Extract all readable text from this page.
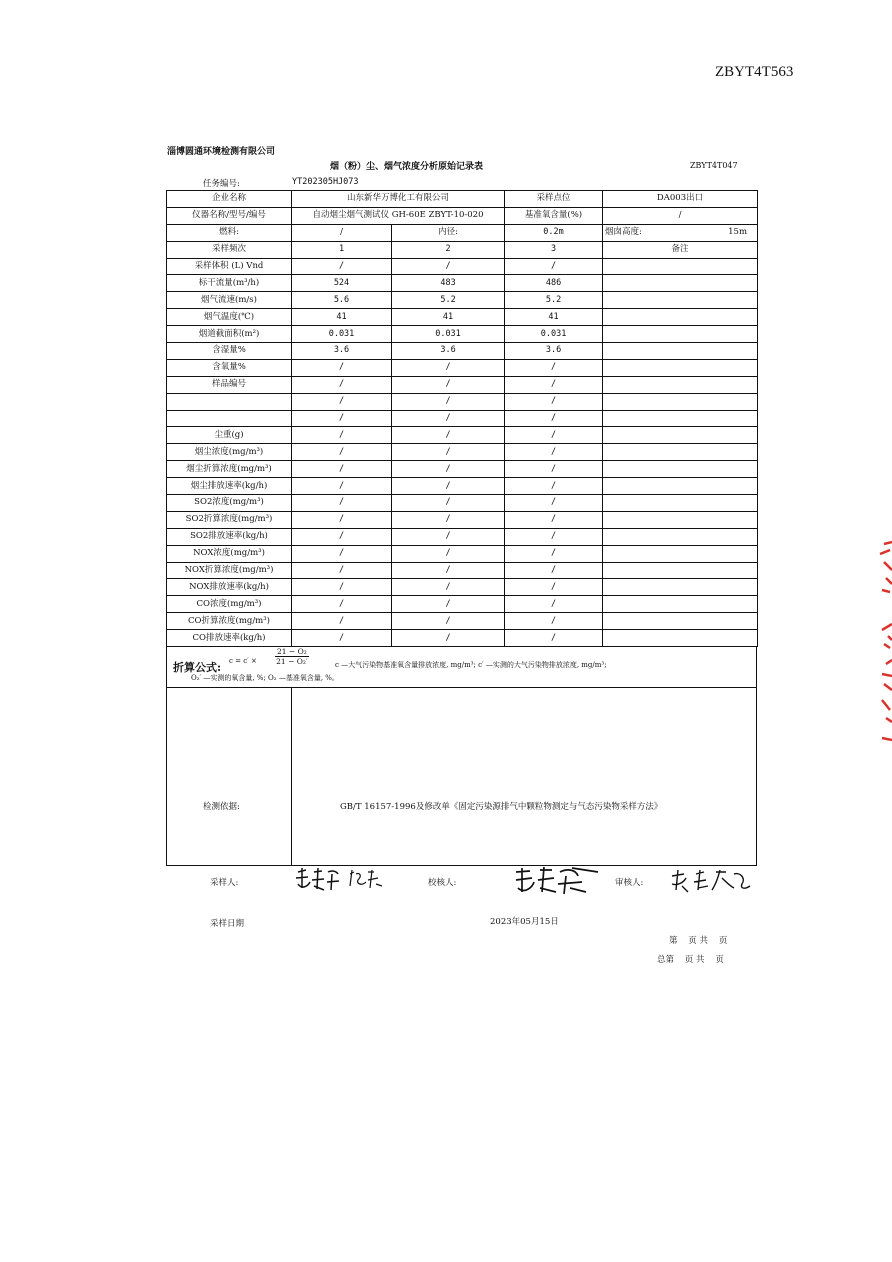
ZBYT4T563
淄博圆通环境检测有限公司
烟（粉）尘、烟气浓度分析原始记录表	ZBYT4T047
任务编号:	YT202305HJ073
企业名称	山东新华万博化工有限公司		采样点位	DA003出口
仪器名称/型号/编号	自动烟尘烟气测试仪 GH-60E ZBYT-10-020		基准氧含量(%)	/
燃料:	/	内径:	0.2m	烟囱高度: 15m

采样频次	1	2	3	备注
采样体积 (L) Vnd	/	/	/	
标干流量(m³/h)	524	483	486	
烟气流速(m/s)	5.6	5.2	5.2	
烟气温度(℃)	41	41	41	
烟道截面积(m²)	0.031	0.031	0.031	
含湿量%	3.6	3.6	3.6	
含氧量%	/	/	/	
样品编号	/	/	/	
	/	/	/	
	/	/	/	
尘重(g)	/	/	/	
烟尘浓度(mg/m³)	/	/	/	
烟尘折算浓度(mg/m³)	/	/	/	
烟尘排放速率(kg/h)	/	/	/	
SO2浓度(mg/m³)	/	/	/	
SO2折算浓度(mg/m³)	/	/	/	
SO2排放速率(kg/h)	/	/	/	
NOX浓度(mg/m³)	/	/	/	
NOX折算浓度(mg/m³)	/	/	/	
NOX排放速率(kg/h)	/	/	/	
CO浓度(mg/m³)	/	/	/	
CO折算浓度(mg/m³)	/	/	/	
CO排放速率(kg/h)	/	/	/	
折算公式: $c = c' \times \frac{\text{21 − O₂}}{\text{21 − O₂′}}$	c —大气污染物基准氧含量排放浓度, mg/m³; c′ —实测的大气污染物排放浓度, mg/m³;
O₂′ —实测的氧含量, %; O₂ —基准氧含量, %。
检测依据:	GB/T 16157-1996及修改单《固定污染源排气中颗粒物测定与气态污染物采样方法》
采样人:	校核人:	审核人:
采样日期	2023年05月15日
第    页 共    页
总第    页 共    页
